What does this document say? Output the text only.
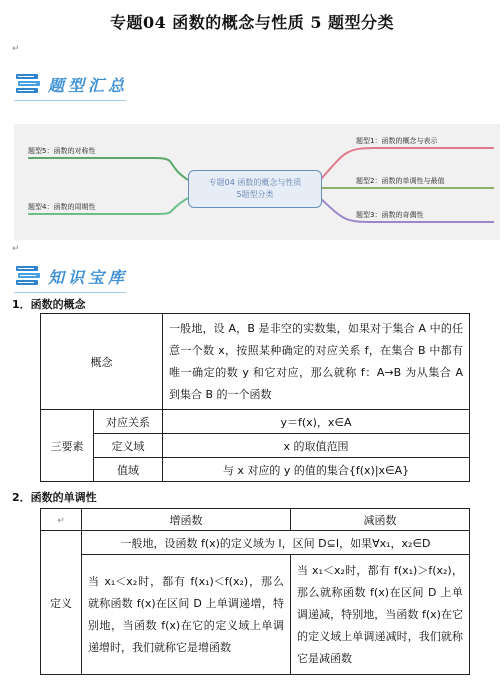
专题04 函数的概念与性质 5 题型分类
↵
题型汇总
题型5：函数的对称性
题型4：函数的周期性
题型1：函数的概念与表示
题型2：函数的单调性与最值
题型3：函数的奇偶性
专题04 函数的概念与性质
5题型分类
↵
知识宝库
1．函数的概念
概念		一般地，设 A，B 是非空的实数集，如果对于集合 A 中的任意一个数 x，按照某种确定的对应关系 f，在集合 B 中都有唯一确定的数 y 和它对应，那么就称 f：A→B 为从集合 A 到集合 B 的一个函数
三要素	对应关系	y＝f(x)，x∈A
	定义域	x 的取值范围
	值域	与 x 对应的 y 的值的集合{f(x)|x∈A}
2．函数的单调性
↵	增函数	减函数
定义	一般地，设函数 f(x)的定义域为 I，区间 D⊆I，如果∀x₁，x₂∈D	
	当 x₁＜x₂时，都有 f(x₁)＜f(x₂)，那么就称函数 f(x)在区间 D 上单调递增，特别地，当函数 f(x)在它的定义域上单调递增时，我们就称它是增函数	当 x₁＜x₂时，都有 f(x₁)＞f(x₂)，那么就称函数 f(x)在区间 D 上单调递减，特别地，当函数 f(x)在它的定义域上单调递减时，我们就称它是减函数
